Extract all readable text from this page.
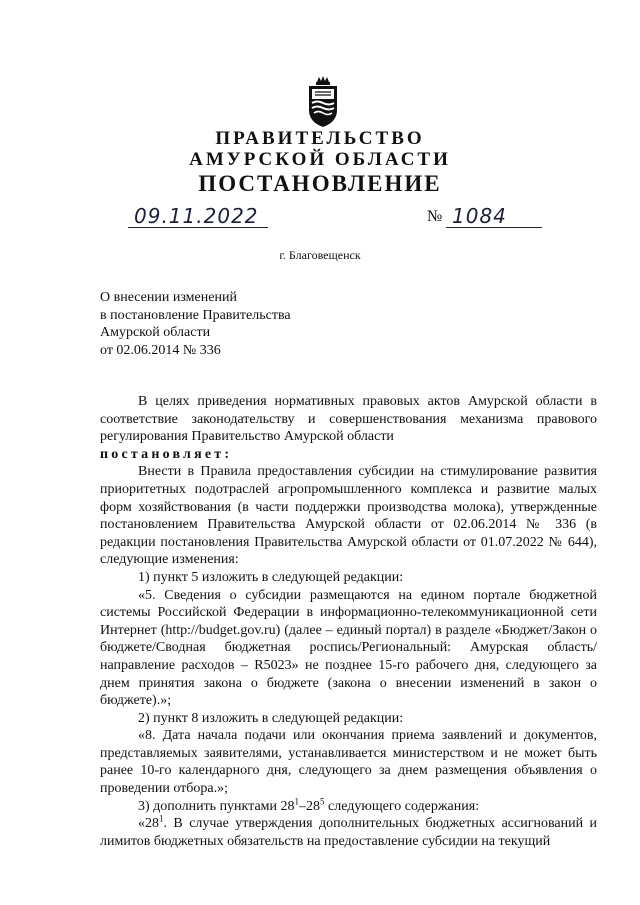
ПРАВИТЕЛЬСТВО
АМУРСКОЙ ОБЛАСТИ
ПОСТАНОВЛЕНИЕ
09.11.2022	№ 1084
г. Благовещенск
О внесении изменений
в постановление Правительства
Амурской области
от 02.06.2014 № 336

В целях приведения нормативных правовых актов Амурской области в соответствие законодательству и совершенствования механизма правового регулирования Правительство Амурской области

постановляет:

Внести в Правила предоставления субсидии на стимулирование развития приоритетных подотраслей агропромышленного комплекса и развитие малых форм хозяйствования (в части поддержки производства молока), утвержденные постановлением Правительства Амурской области от 02.06.2014 № 336 (в редакции постановления Правительства Амурской области от 01.07.2022 № 644), следующие изменения:

1) пункт 5 изложить в следующей редакции:

«5. Сведения о субсидии размещаются на едином портале бюджетной системы Российской Федерации в информационно-телекоммуникационной сети Интернет (http://budget.gov.ru) (далее – единый портал) в разделе «Бюджет/Закон о бюджете/Сводная бюджетная роспись/Региональный: Амурская область/направление расходов – R5023» не позднее 15-го рабочего дня, следующего за днем принятия закона о бюджете (закона о внесении изменений в закон о бюджете).»;

2) пункт 8 изложить в следующей редакции:

«8. Дата начала подачи или окончания приема заявлений и документов, представляемых заявителями, устанавливается министерством и не может быть ранее 10-го календарного дня, следующего за днем размещения объявления о проведении отбора.»;

3) дополнить пунктами $28^1-28^5$ следующего содержания:

«$28^1$. В случае утверждения дополнительных бюджетных ассигнований и лимитов бюджетных обязательств на предоставление субсидии на текущий
